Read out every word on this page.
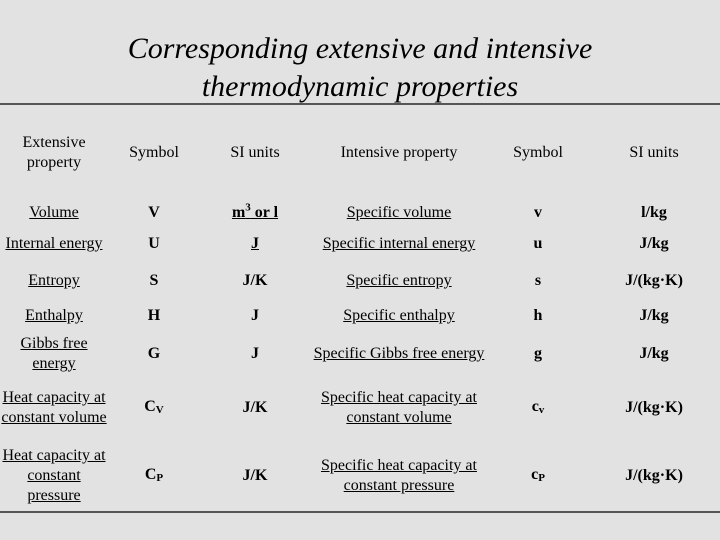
Corresponding extensive and intensive
thermodynamic properties
Extensive property	Symbol	SI units	Intensive property	Symbol	SI units
Volume	V	$m^3$ or l	Specific volume	v	l/kg
Internal energy	U	J	Specific internal energy	u	J/kg
Entropy	S	J/K	Specific entropy	s	J/(kg·K)
Enthalpy	H	J	Specific enthalpy	h	J/kg
Gibbs free energy	G	J	Specific Gibbs free energy	g	J/kg
Heat capacity at constant volume	CV	J/K	Specific heat capacity at constant volume	cv	J/(kg·K)
Heat capacity at constant pressure	CP	J/K	Specific heat capacity at constant pressure	cP	J/(kg·K)
